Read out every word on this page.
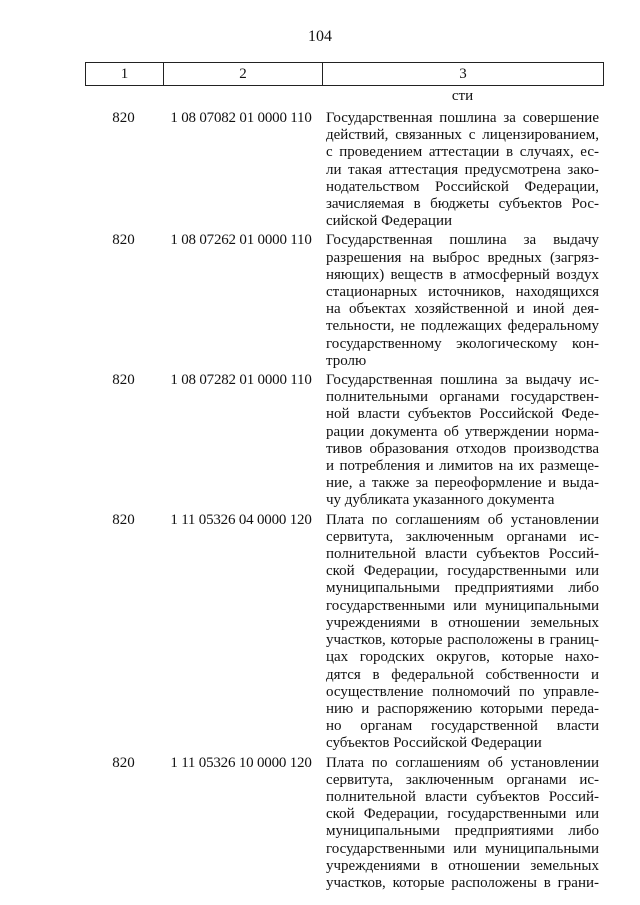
104
1	2	3
сти
820	1 08 07082 01 0000 110 Государственная пошлина за совершение
действий, связанных с лицензированием,
с проведением аттестации в случаях, ес-
ли такая аттестация предусмотрена зако-
нодательством Российской Федерации,
зачисляемая в бюджеты субъектов Рос-
сийской Федерации
820	1 08 07262 01 0000 110 Государственная пошлина за выдачу
разрешения на выброс вредных (загряз-
няющих) веществ в атмосферный воздух
стационарных источников, находящихся
на объектах хозяйственной и иной дея-
тельности, не подлежащих федеральному
государственному экологическому кон-
тролю
820	1 08 07282 01 0000 110 Государственная пошлина за выдачу ис-
полнительными органами государствен-
ной власти субъектов Российской Феде-
рации документа об утверждении норма-
тивов образования отходов производства
и потребления и лимитов на их размеще-
ние, а также за переоформление и выда-
чу дубликата указанного документа
820	1 11 05326 04 0000 120 Плата по соглашениям об установлении
сервитута, заключенным органами ис-
полнительной власти субъектов Россий-
ской Федерации, государственными или
муниципальными предприятиями либо
государственными или муниципальными
учреждениями в отношении земельных
участков, которые расположены в границ-
цах городских округов, которые нахо-
дятся в федеральной собственности и
осуществление полномочий по управле-
нию и распоряжению которыми переда-
но органам государственной власти
субъектов Российской Федерации
820	1 11 05326 10 0000 120 Плата по соглашениям об установлении
сервитута, заключенным органами ис-
полнительной власти субъектов Россий-
ской Федерации, государственными или
муниципальными предприятиями либо
государственными или муниципальными
учреждениями в отношении земельных
участков, которые расположены в грани-
